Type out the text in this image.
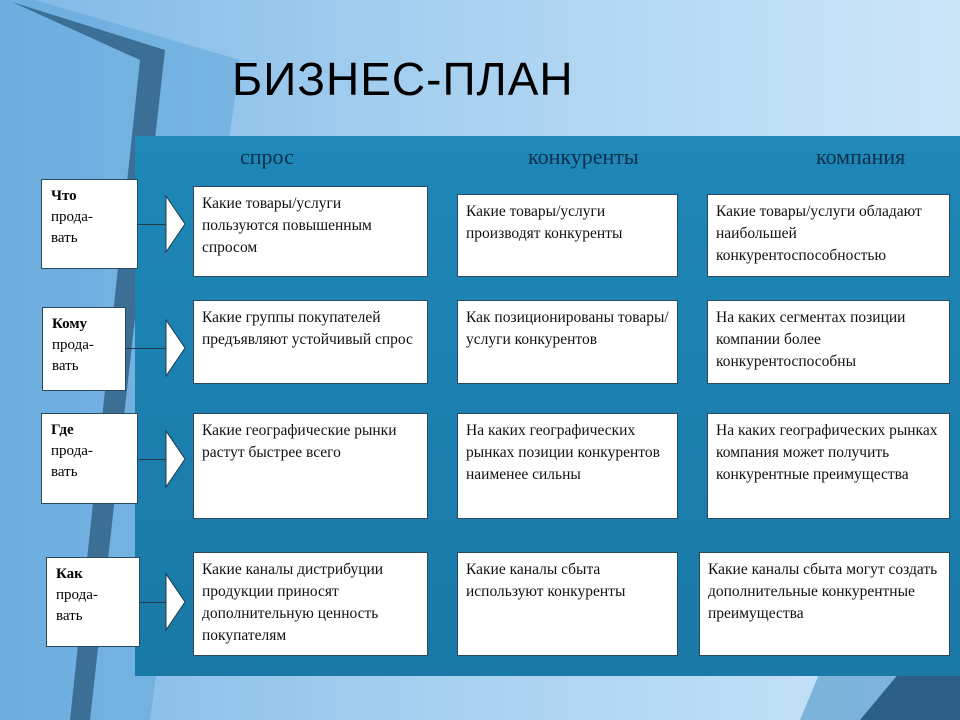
БИЗНЕС-ПЛАН
спрос	конкуренты	компания
Что
прода-
вать
Какие товары/услуги пользуются повышенным спросом
Какие товары/услуги производят конкуренты
Какие товары/услуги обладают наибольшей конкурентоспособностью
Кому
прода-
вать
Какие группы покупателей предъявляют устойчивый спрос
Как позиционированы товары/услуги конкурентов
На каких сегментах позиции компании более конкурентоспособны
Где
прода-
вать
Какие географические рынки растут быстрее всего
На каких географических рынках позиции конкурентов наименее сильны
На каких географических рынках компания может получить конкурентные преимущества
Как
прода-
вать
Какие каналы дистрибуции продукции приносят дополнительную ценность покупателям
Какие каналы сбыта используют конкуренты
Какие каналы сбыта могут создать дополнительные конкурентные преимущества
